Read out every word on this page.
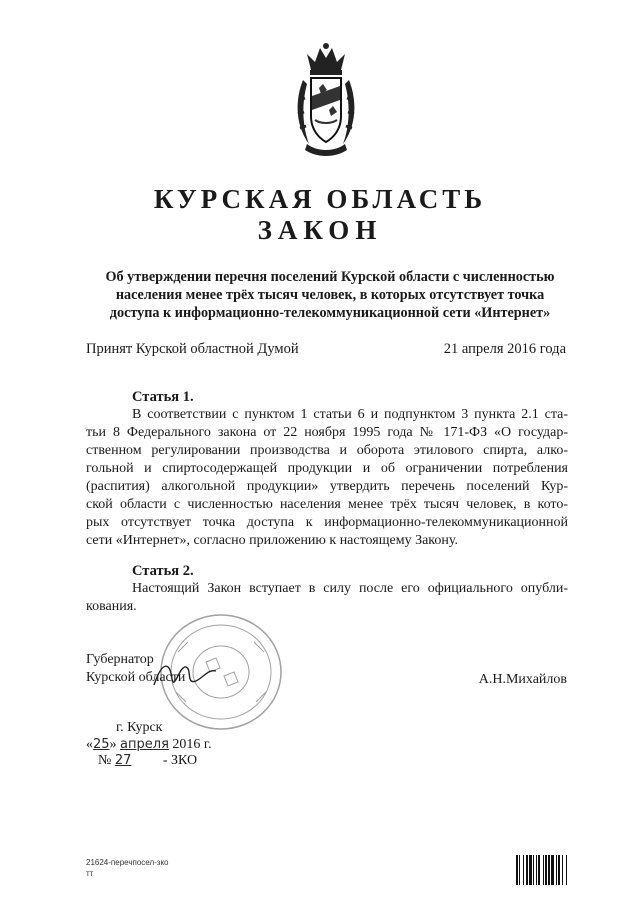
КУРСКАЯ ОБЛАСТЬ
ЗАКОН
Об утверждении перечня поселений Курской области с численностью
населения менее трёх тысяч человек, в которых отсутствует точка
доступа к информационно-телекоммуникационной сети «Интернет»
Принят Курской областной Думой	21 апреля 2016 года
Статья 1.
В соответствии с пунктом 1 статьи 6 и подпунктом 3 пункта 2.1 ста-
тьи 8 Федерального закона от 22 ноября 1995 года № 171-ФЗ «О государ-
ственном регулировании производства и оборота этилового спирта, алко-
гольной и спиртосодержащей продукции и об ограничении потребления
(распития) алкогольной продукции» утвердить перечень поселений Кур-
ской области с численностью населения менее трёх тысяч человек, в кото-
рых отсутствует точка доступа к информационно-телекоммуникационной
сети «Интернет», согласно приложению к настоящему Закону.
Статья 2.
Настоящий Закон вступает в силу после его официального опубли-
кования.
Губернатор
Курской области	А.Н.Михайлов
г. Курск
«25» апреля 2016 г.
№ 27 - ЗКО
21624-перечпосел-зко
тт
